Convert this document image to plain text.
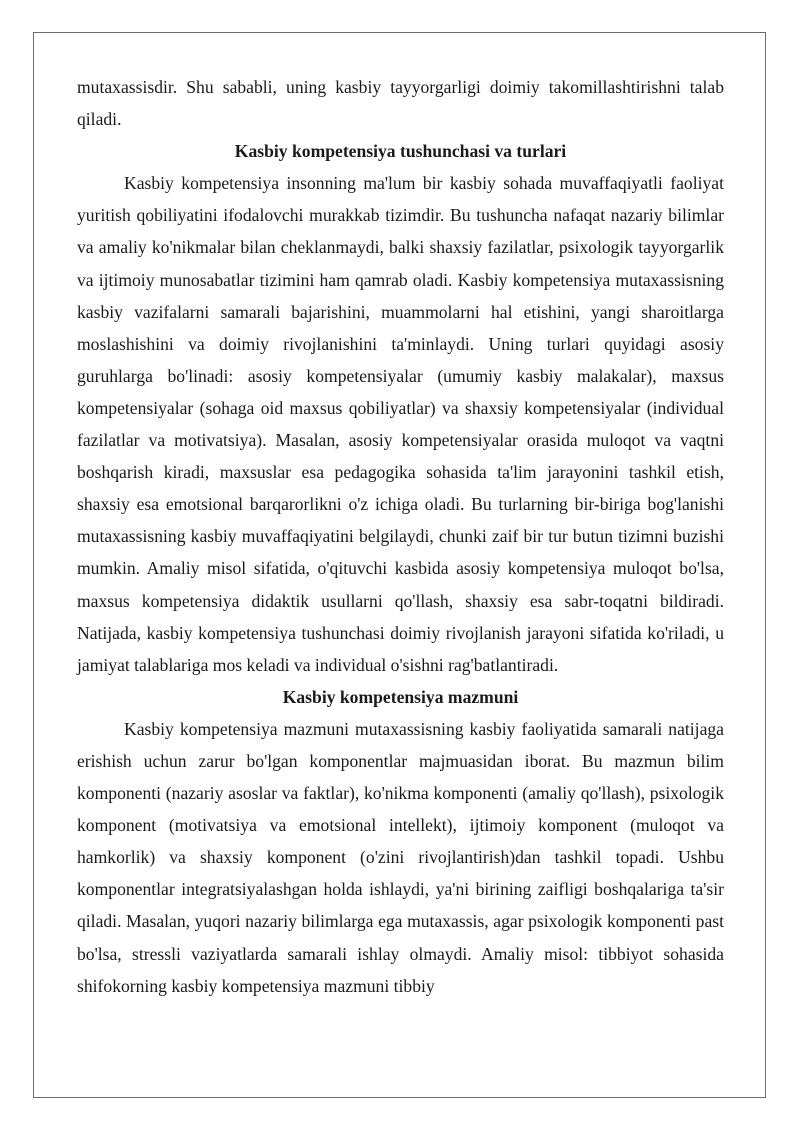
mutaxassisdir. Shu sababli, uning kasbiy tayyorgarligi doimiy takomillashtirishni talab qiladi.

Kasbiy kompetensiya tushunchasi va turlari

Kasbiy kompetensiya insonning ma'lum bir kasbiy sohada muvaffaqiyatli faoliyat yuritish qobiliyatini ifodalovchi murakkab tizimdir. Bu tushuncha nafaqat nazariy bilimlar va amaliy ko'nikmalar bilan cheklanmaydi, balki shaxsiy fazilatlar, psixologik tayyorgarlik va ijtimoiy munosabatlar tizimini ham qamrab oladi. Kasbiy kompetensiya mutaxassisning kasbiy vazifalarni samarali bajarishini, muammolarni hal etishini, yangi sharoitlarga moslashishini va doimiy rivojlanishini ta'minlaydi. Uning turlari quyidagi asosiy guruhlarga bo'linadi: asosiy kompetensiyalar (umumiy kasbiy malakalar), maxsus kompetensiyalar (sohaga oid maxsus qobiliyatlar) va shaxsiy kompetensiyalar (individual fazilatlar va motivatsiya). Masalan, asosiy kompetensiyalar orasida muloqot va vaqtni boshqarish kiradi, maxsuslar esa pedagogika sohasida ta'lim jarayonini tashkil etish, shaxsiy esa emotsional barqarorlikni o'z ichiga oladi. Bu turlarning bir-biriga bog'lanishi mutaxassisning kasbiy muvaffaqiyatini belgilaydi, chunki zaif bir tur butun tizimni buzishi mumkin. Amaliy misol sifatida, o'qituvchi kasbida asosiy kompetensiya muloqot bo'lsa, maxsus kompetensiya didaktik usullarni qo'llash, shaxsiy esa sabr-toqatni bildiradi. Natijada, kasbiy kompetensiya tushunchasi doimiy rivojlanish jarayoni sifatida ko'riladi, u jamiyat talablariga mos keladi va individual o'sishni rag'batlantiradi.

Kasbiy kompetensiya mazmuni

Kasbiy kompetensiya mazmuni mutaxassisning kasbiy faoliyatida samarali natijaga erishish uchun zarur bo'lgan komponentlar majmuasidan iborat. Bu mazmun bilim komponenti (nazariy asoslar va faktlar), ko'nikma komponenti (amaliy qo'llash), psixologik komponent (motivatsiya va emotsional intellekt), ijtimoiy komponent (muloqot va hamkorlik) va shaxsiy komponent (o'zini rivojlantirish)dan tashkil topadi. Ushbu komponentlar integratsiyalashgan holda ishlaydi, ya'ni birining zaifligi boshqalariga ta'sir qiladi. Masalan, yuqori nazariy bilimlarga ega mutaxassis, agar psixologik komponenti past bo'lsa, stressli vaziyatlarda samarali ishlay olmaydi. Amaliy misol: tibbiyot sohasida shifokorning kasbiy kompetensiya mazmuni tibbiy
